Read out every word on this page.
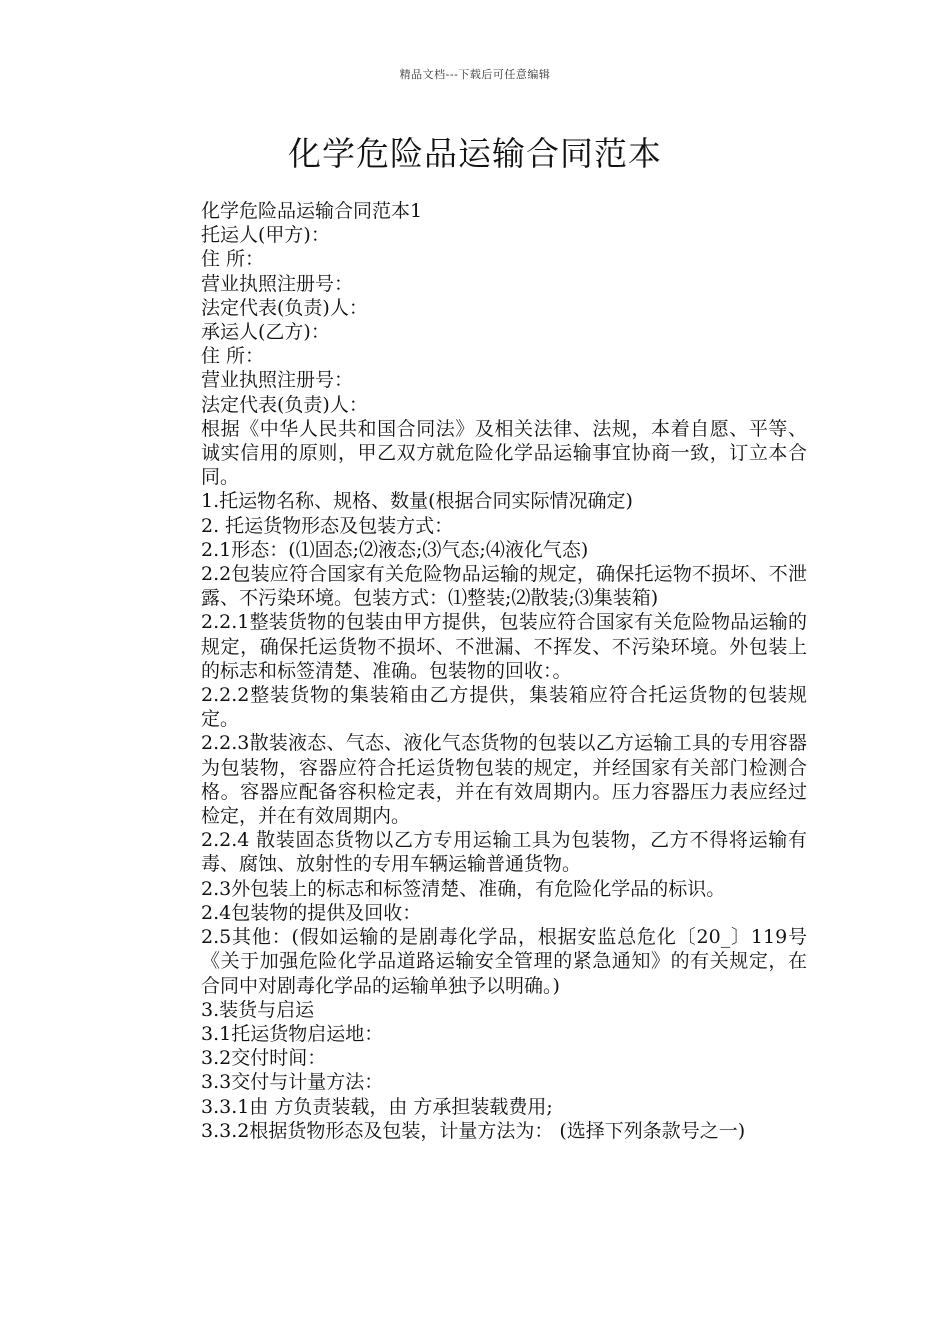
精品文档---下载后可任意编辑
化学危险品运输合同范本

化学危险品运输合同范本1

托运人(甲方)：

住 所：

营业执照注册号：

法定代表(负责)人：

承运人(乙方)：

住 所：

营业执照注册号：

法定代表(负责)人：

根据《中华人民共和国合同法》及相关法律、法规，本着自愿、平等、诚实信用的原则，甲乙双方就危险化学品运输事宜协商一致，订立本合同。

1.托运物名称、规格、数量(根据合同实际情况确定)

2. 托运货物形态及包装方式：

2.1形态：(⑴固态;⑵液态;⑶气态;⑷液化气态)

2.2包装应符合国家有关危险物品运输的规定，确保托运物不损坏、不泄露、不污染环境。包装方式：⑴整装;⑵散装;⑶集装箱)

2.2.1整装货物的包装由甲方提供，包装应符合国家有关危险物品运输的规定，确保托运货物不损坏、不泄漏、不挥发、不污染环境。外包装上的标志和标签清楚、准确。包装物的回收：。

2.2.2整装货物的集装箱由乙方提供，集装箱应符合托运货物的包装规定。

2.2.3散装液态、气态、液化气态货物的包装以乙方运输工具的专用容器为包装物，容器应符合托运货物包装的规定，并经国家有关部门检测合格。容器应配备容积检定表，并在有效周期内。压力容器压力表应经过检定，并在有效周期内。

2.2.4 散装固态货物以乙方专用运输工具为包装物，乙方不得将运输有毒、腐蚀、放射性的专用车辆运输普通货物。

2.3外包装上的标志和标签清楚、准确，有危险化学品的标识。

2.4包装物的提供及回收：

2.5其他：(假如运输的是剧毒化学品，根据安监总危化〔20_〕119号《关于加强危险化学品道路运输安全管理的紧急通知》的有关规定，在合同中对剧毒化学品的运输单独予以明确。)

3.装货与启运

3.1托运货物启运地：

3.2交付时间：

3.3交付与计量方法：

3.3.1由 方负责装载，由 方承担装载费用;

3.3.2根据货物形态及包装，计量方法为： (选择下列条款号之一)
